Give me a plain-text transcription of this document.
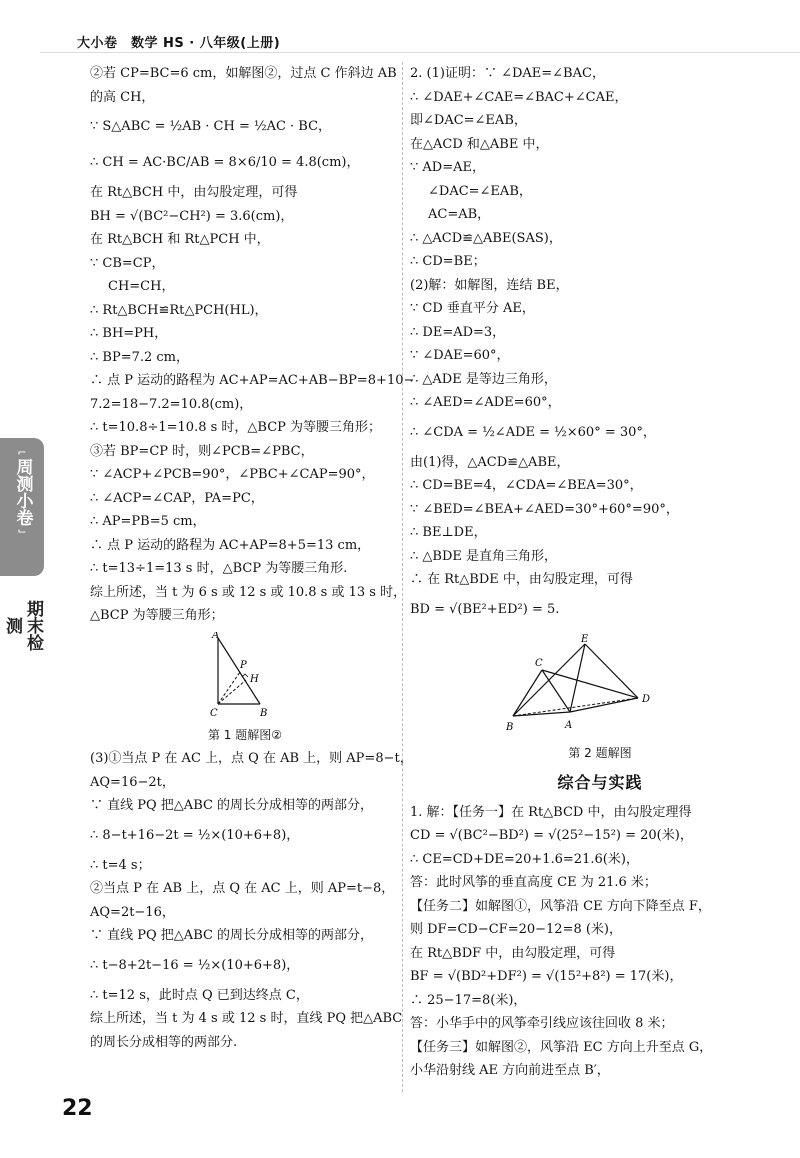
大小卷　数学 HS · 八年级(上册)
⌐
周测小卷
⌙
期末检测

②若 CP=BC=6 cm，如解图②，过点 C 作斜边 AB

的高 CH，

∵ S△ABC = ½AB · CH = ½AC · BC，

∴ CH = AC·BC/AB = 8×6/10 = 4.8(cm)，

在 Rt△BCH 中，由勾股定理，可得

BH = √(BC²−CH²) = 3.6(cm)，

在 Rt△BCH 和 Rt△PCH 中，

∵ CB=CP，

CH=CH，

∴ Rt△BCH≌Rt△PCH(HL)，

∴ BH=PH，

∴ BP=7.2 cm，

∴ 点 P 运动的路程为 AC+AP=AC+AB−BP=8+10−

7.2=18−7.2=10.8(cm)，

∴ t=10.8÷1=10.8 s 时，△BCP 为等腰三角形；

③若 BP=CP 时，则∠PCB=∠PBC，

∵ ∠ACP+∠PCB=90°，∠PBC+∠CAP=90°，

∴ ∠ACP=∠CAP，PA=PC，

∴ AP=PB=5 cm，

∴ 点 P 运动的路程为 AC+AP=8+5=13 cm，

∴ t=13÷1=13 s 时，△BCP 为等腰三角形.

综上所述，当 t 为 6 s 或 12 s 或 10.8 s 或 13 s 时，

△BCP 为等腰三角形；

A
P
H
C	B

第 1 题解图②

(3)①当点 P 在 AC 上，点 Q 在 AB 上，则 AP=8−t，

AQ=16−2t，

∵ 直线 PQ 把△ABC 的周长分成相等的两部分，

∴ 8−t+16−2t = ½×(10+6+8)，

∴ t=4 s；

②当点 P 在 AB 上，点 Q 在 AC 上，则 AP=t−8，

AQ=2t−16，

∵ 直线 PQ 把△ABC 的周长分成相等的两部分，

∴ t−8+2t−16 = ½×(10+6+8)，

∴ t=12 s，此时点 Q 已到达终点 C，

综上所述，当 t 为 4 s 或 12 s 时，直线 PQ 把△ABC

的周长分成相等的两部分.

2. (1)证明：∵ ∠DAE=∠BAC，

∴ ∠DAE+∠CAE=∠BAC+∠CAE，

即∠DAC=∠EAB，

在△ACD 和△ABE 中，

∵ AD=AE，

∠DAC=∠EAB，

AC=AB，

∴ △ACD≌△ABE(SAS)，

∴ CD=BE；

(2)解：如解图，连结 BE，

∵ CD 垂直平分 AE，

∴ DE=AD=3，

∵ ∠DAE=60°，

∴ △ADE 是等边三角形，

∴ ∠AED=∠ADE=60°，

∴ ∠CDA = ½∠ADE = ½×60° = 30°，

由(1)得，△ACD≌△ABE，

∴ CD=BE=4，∠CDA=∠BEA=30°，

∵ ∠BED=∠BEA+∠AED=30°+60°=90°，

∴ BE⊥DE，

∴ △BDE 是直角三角形，

∴ 在 Rt△BDE 中，由勾股定理，可得

BD = √(BE²+ED²) = 5.

E
C
D
B	A

第 2 题解图

综合与实践

1. 解：【任务一】在 Rt△BCD 中，由勾股定理得

CD = √(BC²−BD²) = √(25²−15²) = 20(米)，

∴ CE=CD+DE=20+1.6=21.6(米)，

答：此时风筝的垂直高度 CE 为 21.6 米；

【任务二】如解图①，风筝沿 CE 方向下降至点 F，

则 DF=CD−CF=20−12=8 (米)，

在 Rt△BDF 中，由勾股定理，可得

BF = √(BD²+DF²) = √(15²+8²) = 17(米)，

∴ 25−17=8(米)，

答：小华手中的风筝牵引线应该往回收 8 米；

【任务三】如解图②，风筝沿 EC 方向上升至点 G，

小华沿射线 AE 方向前进至点 B′，

22
